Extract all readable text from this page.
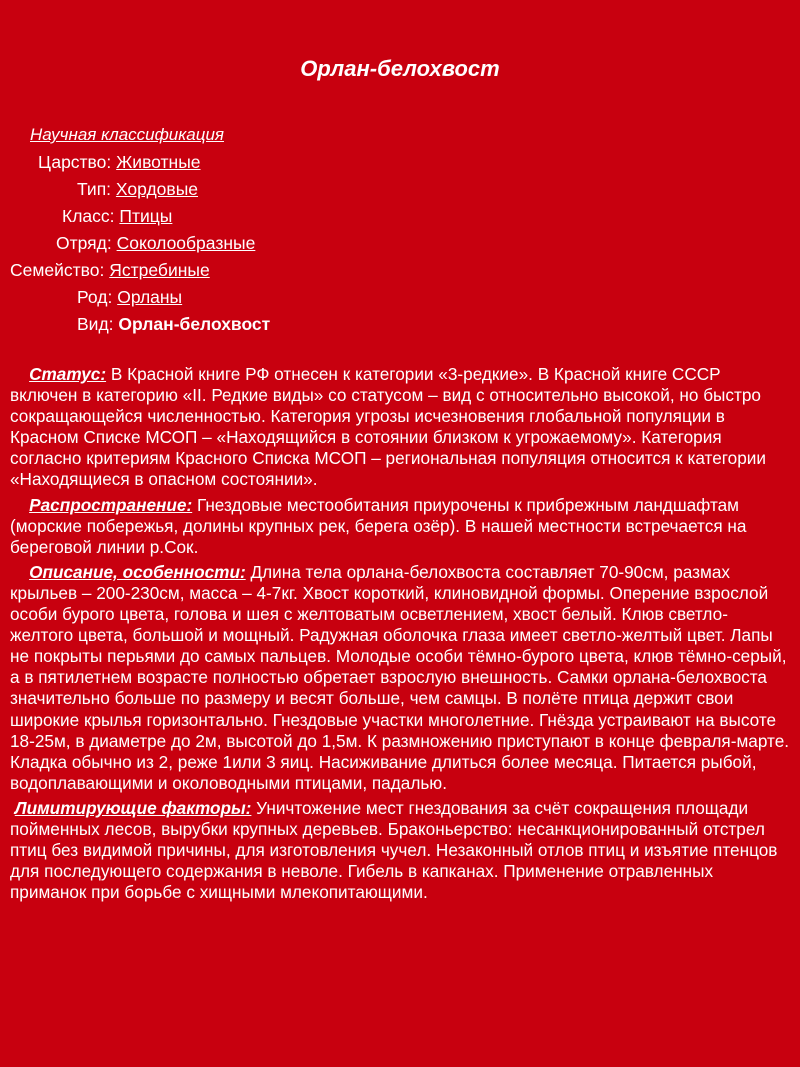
Орлан-белохвост
Научная классификация
Царство: Животные
Тип: Хордовые
Класс: Птицы
Отряд: Соколообразные
Семейство: Ястребиные
Род: Орланы
Вид: Орлан-белохвост

Статус: В Красной книге РФ отнесен к категории «3-редкие». В Красной книге СССР включен в категорию «II. Редкие виды» со статусом – вид с относительно высокой, но быстро сокращающейся численностью. Категория угрозы исчезновения глобальной популяции в Красном Списке МСОП – «Находящийся в сотоянии близком к угрожаемому». Категория согласно критериям Красного Списка МСОП – региональная популяция относится к категории «Находящиеся в опасном состоянии».

Распространение: Гнездовые местообитания приурочены к прибрежным ландшафтам (морские побережья, долины крупных рек, берега озёр). В нашей местности встречается на береговой линии р.Сок.

Описание, особенности: Длина тела орлана-белохвоста составляет 70-90см, размах крыльев – 200-230см, масса – 4-7кг. Хвост короткий, клиновидной формы. Оперение взрослой особи бурого цвета, голова и шея с желтоватым осветлением, хвост белый. Клюв светло-желтого цвета, большой и мощный. Радужная оболочка глаза имеет светло-желтый цвет. Лапы не покрыты перьями до самых пальцев. Молодые особи тёмно-бурого цвета, клюв тёмно-серый, а в пятилетнем возрасте полностью обретает взрослую внешность. Самки орлана-белохвоста значительно больше по размеру и весят больше, чем самцы. В полёте птица держит свои широкие крылья горизонтально. Гнездовые участки многолетние. Гнёзда устраивают на высоте 18-25м, в диаметре до 2м, высотой до 1,5м. К размножению приступают в конце февраля-марте. Кладка обычно из 2, реже 1или 3 яиц. Насиживание длиться более месяца. Питается рыбой, водоплавающими и околоводными птицами, падалью.

Лимитирующие факторы: Уничтожение мест гнездования за счёт сокращения площади пойменных лесов, вырубки крупных деревьев. Браконьерство: несанкционированный отстрел птиц без видимой причины, для изготовления чучел. Незаконный отлов птиц и изъятие птенцов для последующего содержания в неволе. Гибель в капканах. Применение отравленных приманок при борьбе с хищными млекопитающими.
